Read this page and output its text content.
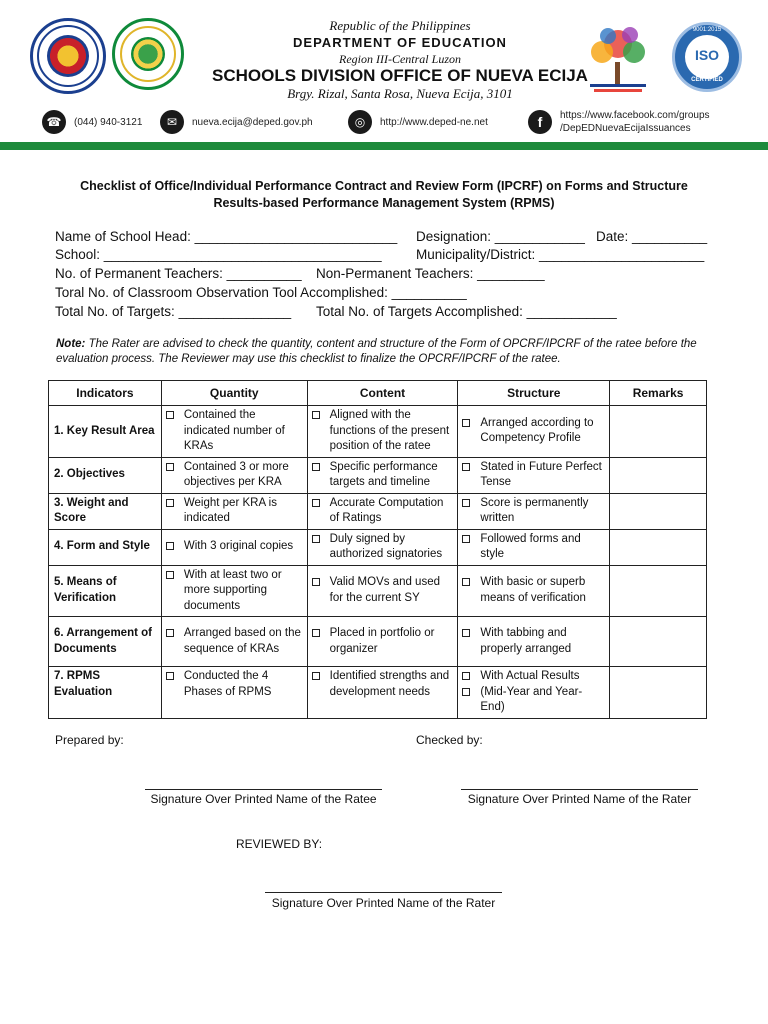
Republic of the Philippines
DEPARTMENT OF EDUCATION
Region III-Central Luzon
SCHOOLS DIVISION OFFICE OF NUEVA ECIJA
Brgy. Rizal, Santa Rosa, Nueva Ecija, 3101
9001:2015
ISO
CERTIFIED
☎	(044) 940-3121	✉	nueva.ecija@deped.gov.ph	◎	http://www.deped-ne.net	f	https://www.facebook.com/groups
/DepEDNuevaEcijaIssuances
Checklist of Office/Individual Performance Contract and Review Form (IPCRF) on Forms and Structure
Results-based Performance Management System (RPMS)
Name of School Head: ___________________________ Designation: ____________ Date: __________
School: _____________________________________	Municipality/District: ______________________
No. of Permanent Teachers: __________ Non-Permanent Teachers: _________
Toral No. of Classroom Observation Tool Accomplished: __________
Total No. of Targets: _______________ Total No. of Targets Accomplished: ____________
Note: The Rater are advised to check the quantity, content and structure of the Form of OPCRF/IPCRF of the ratee before the evaluation process. The Reviewer may use this checklist to finalize the OPCRF/IPCRF of the ratee.
Indicators	Quantity	Content	Structure	Remarks
1. Key Result Area	Contained the indicated number of KRAs	Aligned with the functions of the present position of the ratee	Arranged according to Competency Profile	

2. Objectives	Contained 3 or more objectives per KRA	Specific performance targets and timeline	Stated in Future Perfect Tense	

3. Weight and Score	Weight per KRA is indicated	Accurate Computation of Ratings	Score is permanently written	

4. Form and Style	With 3 original copies	Duly signed by authorized signatories	Followed forms and style	

5. Means of Verification	With at least two or more supporting documents	Valid MOVs and used for the current SY	With basic or superb means of verification	

6. Arrangement of Documents	Arranged based on the sequence of KRAs	Placed in portfolio or organizer	With tabbing and properly arranged	

7. RPMS Evaluation	Conducted the 4 Phases of RPMS	Identified strengths and development needs	With Actual Results
(Mid-Year and Year-End)	

Prepared by:	Checked by:
Signature Over Printed Name of the Ratee	Signature Over Printed Name of the Rater
REVIEWED BY:
Signature Over Printed Name of the Rater
